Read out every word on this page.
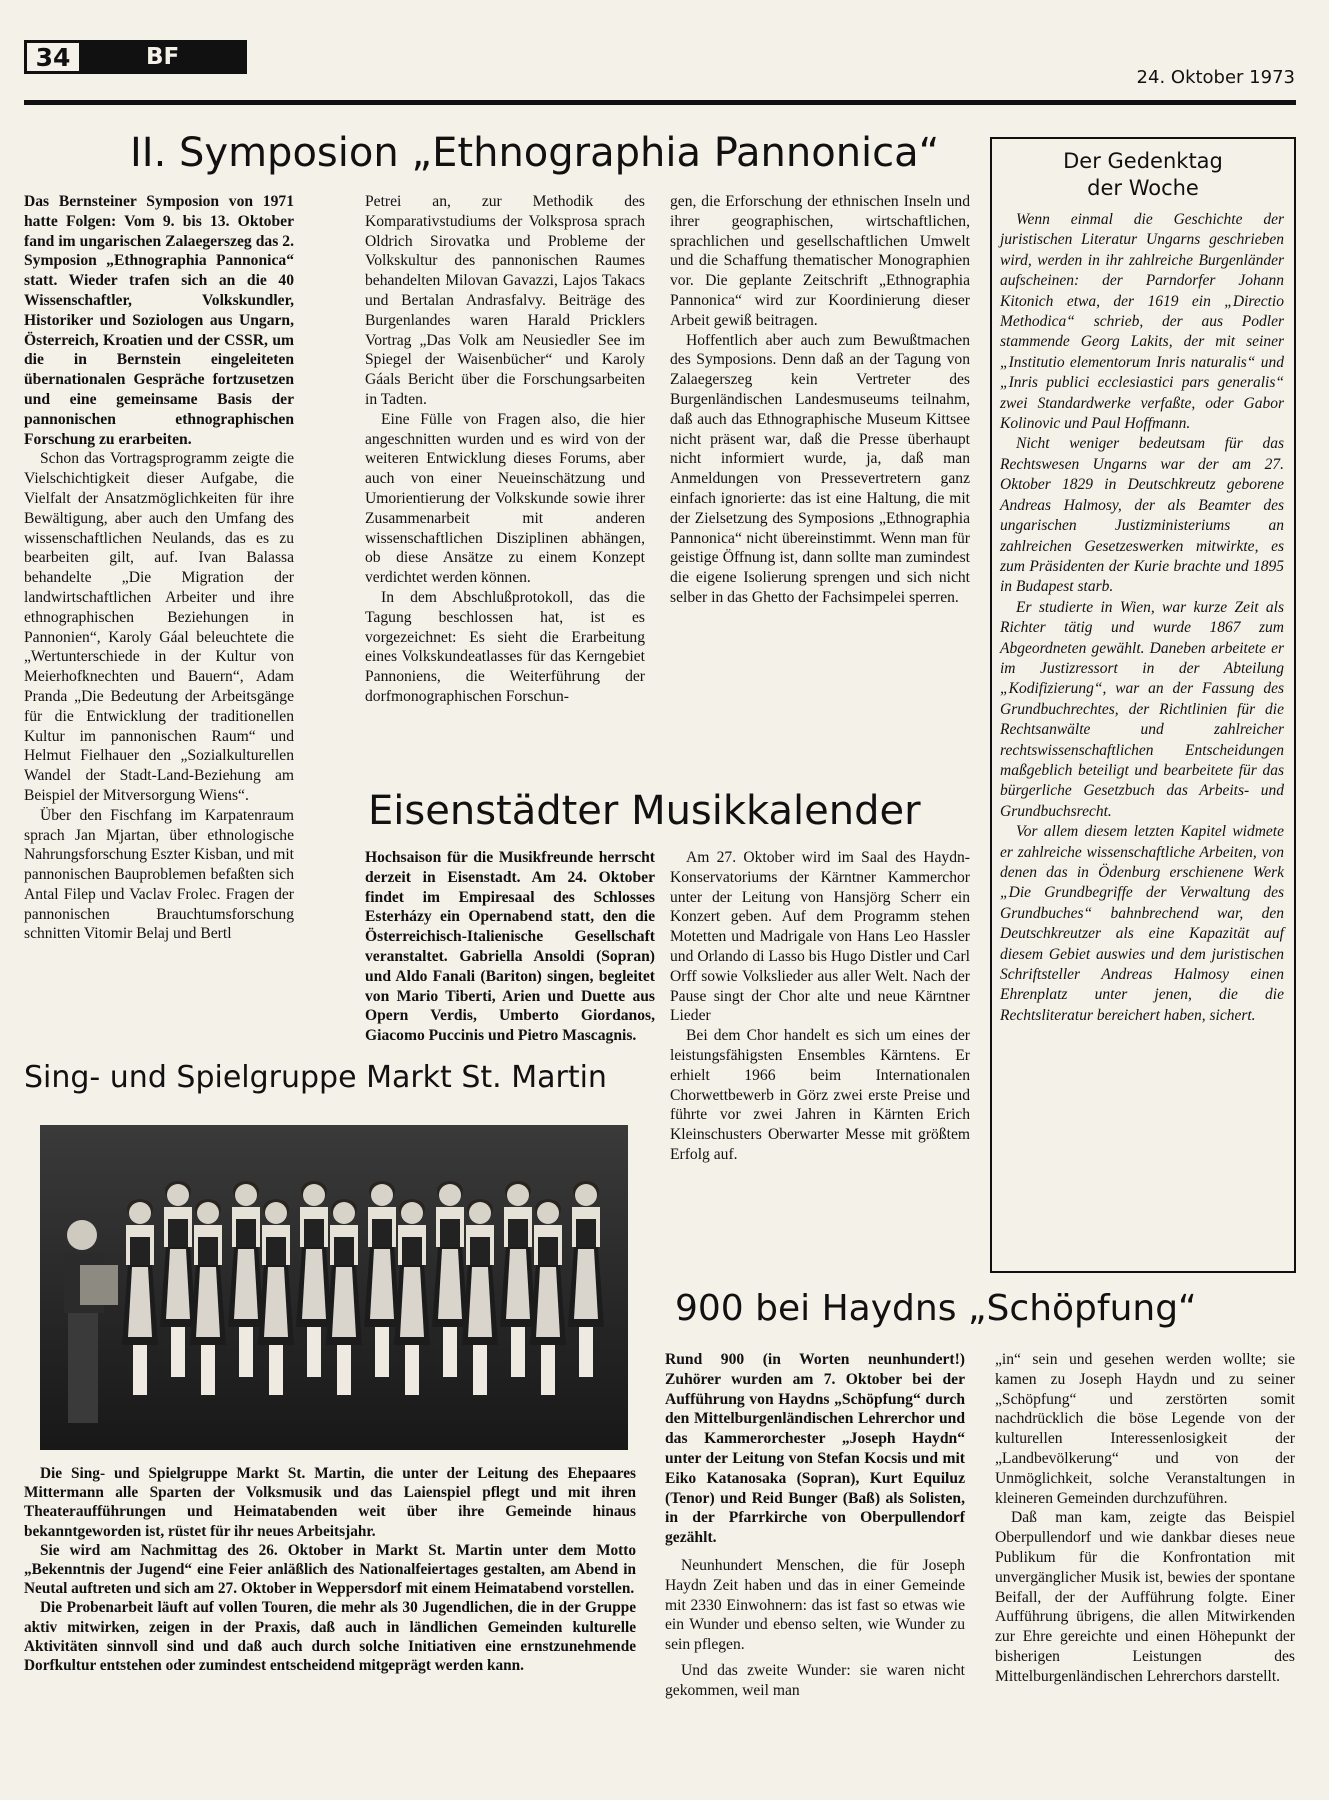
34	BF
24. Oktober 1973
II. Symposion „Ethnographia Pannonica“
Das Bernsteiner Symposion von 1971 hatte Folgen: Vom 9. bis 13. Oktober fand im ungarischen Zalaegerszeg das 2. Symposion „Ethnographia Pannonica“ statt. Wieder trafen sich an die 40 Wissenschaftler, Volkskundler, Historiker und Soziologen aus Ungarn, Österreich, Kroatien und der CSSR, um die in Bernstein eingeleiteten übernationalen Gespräche fortzusetzen und eine gemeinsame Basis der pannonischen ethnographischen Forschung zu erarbeiten.

Schon das Vortragsprogramm zeigte die Vielschichtigkeit dieser Aufgabe, die Vielfalt der Ansatzmöglichkeiten für ihre Bewältigung, aber auch den Umfang des wissenschaftlichen Neulands, das es zu bearbeiten gilt, auf. Ivan Balassa behandelte „Die Migration der landwirtschaftlichen Arbeiter und ihre ethnographischen Beziehungen in Pannonien“, Karoly Gáal beleuchtete die „Wertunterschiede in der Kultur von Meierhofknechten und Bauern“, Adam Pranda „Die Bedeutung der Arbeitsgänge für die Entwicklung der traditionellen Kultur im pannonischen Raum“ und Helmut Fielhauer den „Sozialkulturellen Wandel der Stadt-Land-Beziehung am Beispiel der Mitversorgung Wiens“.

Über den Fischfang im Karpatenraum sprach Jan Mjartan, über ethnologische Nahrungsforschung Eszter Kisban, und mit pannonischen Bauproblemen befaßten sich Antal Filep und Vaclav Frolec. Fragen der pannonischen Brauchtumsforschung schnitten Vitomir Belaj und Bertl

Petrei an, zur Methodik des Komparativstudiums der Volksprosa sprach Oldrich Sirovatka und Probleme der Volkskultur des pannonischen Raumes behandelten Milovan Gavazzi, Lajos Takacs und Bertalan Andrasfalvy. Beiträge des Burgenlandes waren Harald Pricklers Vortrag „Das Volk am Neusiedler See im Spiegel der Waisenbücher“ und Karoly Gáals Bericht über die Forschungsarbeiten in Tadten.

Eine Fülle von Fragen also, die hier angeschnitten wurden und es wird von der weiteren Entwicklung dieses Forums, aber auch von einer Neueinschätzung und Umorientierung der Volkskunde sowie ihrer Zusammenarbeit mit anderen wissenschaftlichen Disziplinen abhängen, ob diese Ansätze zu einem Konzept verdichtet werden können.

In dem Abschlußprotokoll, das die Tagung beschlossen hat, ist es vorgezeichnet: Es sieht die Erarbeitung eines Volkskundeatlasses für das Kerngebiet Pannoniens, die Weiterführung der dorfmonographischen Forschun-

gen, die Erforschung der ethnischen Inseln und ihrer geographischen, wirtschaftlichen, sprachlichen und gesellschaftlichen Umwelt und die Schaffung thematischer Monographien vor. Die geplante Zeitschrift „Ethnographia Pannonica“ wird zur Koordinierung dieser Arbeit gewiß beitragen.

Hoffentlich aber auch zum Bewußtmachen des Symposions. Denn daß an der Tagung von Zalaegerszeg kein Vertreter des Burgenländischen Landesmuseums teilnahm, daß auch das Ethnographische Museum Kittsee nicht präsent war, daß die Presse überhaupt nicht informiert wurde, ja, daß man Anmeldungen von Pressevertretern ganz einfach ignorierte: das ist eine Haltung, die mit der Zielsetzung des Symposions „Ethnographia Pannonica“ nicht übereinstimmt. Wenn man für geistige Öffnung ist, dann sollte man zumindest die eigene Isolierung sprengen und sich nicht selber in das Ghetto der Fachsimpelei sperren.

Der Gedenktag
der Woche

Wenn einmal die Geschichte der juristischen Literatur Ungarns geschrieben wird, werden in ihr zahlreiche Burgenländer aufscheinen: der Parndorfer Johann Kitonich etwa, der 1619 ein „Directio Methodica“ schrieb, der aus Podler stammende Georg Lakits, der mit seiner „Institutio elementorum Inris naturalis“ und „Inris publici ecclesiastici pars generalis“ zwei Standardwerke verfaßte, oder Gabor Kolinovic und Paul Hoffmann.

Nicht weniger bedeutsam für das Rechtswesen Ungarns war der am 27. Oktober 1829 in Deutschkreutz geborene Andreas Halmosy, der als Beamter des ungarischen Justizministeriums an zahlreichen Gesetzeswerken mitwirkte, es zum Präsidenten der Kurie brachte und 1895 in Budapest starb.

Er studierte in Wien, war kurze Zeit als Richter tätig und wurde 1867 zum Abgeordneten gewählt. Daneben arbeitete er im Justizressort in der Abteilung „Kodifizierung“, war an der Fassung des Grundbuchrechtes, der Richtlinien für die Rechtsanwälte und zahlreicher rechtswissenschaftlichen Entscheidungen maßgeblich beteiligt und bearbeitete für das bürgerliche Gesetzbuch das Arbeits- und Grundbuchsrecht.

Vor allem diesem letzten Kapitel widmete er zahlreiche wissenschaftliche Arbeiten, von denen das in Ödenburg erschienene Werk „Die Grundbegriffe der Verwaltung des Grundbuches“ bahnbrechend war, den Deutschkreutzer als eine Kapazität auf diesem Gebiet auswies und dem juristischen Schriftsteller Andreas Halmosy einen Ehrenplatz unter jenen, die die Rechtsliteratur bereichert haben, sichert.

Eisenstädter Musikkalender
Hochsaison für die Musikfreunde herrscht derzeit in Eisenstadt. Am 24. Oktober findet im Empiresaal des Schlosses Esterházy ein Opernabend statt, den die Österreichisch-Italienische Gesellschaft veranstaltet. Gabriella Ansoldi (Sopran) und Aldo Fanali (Bariton) singen, begleitet von Mario Tiberti, Arien und Duette aus Opern Verdis, Umberto Giordanos, Giacomo Puccinis und Pietro Mascagnis.

Am 27. Oktober wird im Saal des Haydn-Konservatoriums der Kärntner Kammerchor unter der Leitung von Hansjörg Scherr ein Konzert geben. Auf dem Programm stehen Motetten und Madrigale von Hans Leo Hassler und Orlando di Lasso bis Hugo Distler und Carl Orff sowie Volkslieder aus aller Welt. Nach der Pause singt der Chor alte und neue Kärntner Lieder

Bei dem Chor handelt es sich um eines der leistungsfähigsten Ensembles Kärntens. Er erhielt 1966 beim Internationalen Chorwettbewerb in Görz zwei erste Preise und führte vor zwei Jahren in Kärnten Erich Kleinschusters Oberwarter Messe mit größtem Erfolg auf.

Sing- und Spielgruppe Markt St. Martin

Die Sing- und Spielgruppe Markt St. Martin, die unter der Leitung des Ehepaares Mittermann alle Sparten der Volksmusik und das Laienspiel pflegt und mit ihren Theateraufführungen und Heimatabenden weit über ihre Gemeinde hinaus bekanntgeworden ist, rüstet für ihr neues Arbeitsjahr.

Sie wird am Nachmittag des 26. Oktober in Markt St. Martin unter dem Motto „Bekenntnis der Jugend“ eine Feier anläßlich des Nationalfeiertages gestalten, am Abend in Neutal auftreten und sich am 27. Oktober in Weppersdorf mit einem Heimatabend vorstellen.

Die Probenarbeit läuft auf vollen Touren, die mehr als 30 Jugendlichen, die in der Gruppe aktiv mitwirken, zeigen in der Praxis, daß auch in ländlichen Gemeinden kulturelle Aktivitäten sinnvoll sind und daß auch durch solche Initiativen eine ernstzunehmende Dorfkultur entstehen oder zumindest entscheidend mitgeprägt werden kann.

900 bei Haydns „Schöpfung“
Rund 900 (in Worten neunhundert!) Zuhörer wurden am 7. Oktober bei der Aufführung von Haydns „Schöpfung“ durch den Mittelburgenländischen Lehrerchor und das Kammerorchester „Joseph Haydn“ unter der Leitung von Stefan Kocsis und mit Eiko Katanosaka (Sopran), Kurt Equiluz (Tenor) und Reid Bunger (Baß) als Solisten, in der Pfarrkirche von Oberpullendorf gezählt.

Neunhundert Menschen, die für Joseph Haydn Zeit haben und das in einer Gemeinde mit 2330 Einwohnern: das ist fast so etwas wie ein Wunder und ebenso selten, wie Wunder zu sein pflegen.

Und das zweite Wunder: sie waren nicht gekommen, weil man

„in“ sein und gesehen werden wollte; sie kamen zu Joseph Haydn und zu seiner „Schöpfung“ und zerstörten somit nachdrücklich die böse Legende von der kulturellen Interessenlosigkeit der „Landbevölkerung“ und von der Unmöglichkeit, solche Veranstaltungen in kleineren Gemeinden durchzuführen.

Daß man kam, zeigte das Beispiel Oberpullendorf und wie dankbar dieses neue Publikum für die Konfrontation mit unvergänglicher Musik ist, bewies der spontane Beifall, der der Aufführung folgte. Einer Aufführung übrigens, die allen Mitwirkenden zur Ehre gereichte und einen Höhepunkt der bisherigen Leistungen des Mittelburgenländischen Lehrerchors darstellt.
